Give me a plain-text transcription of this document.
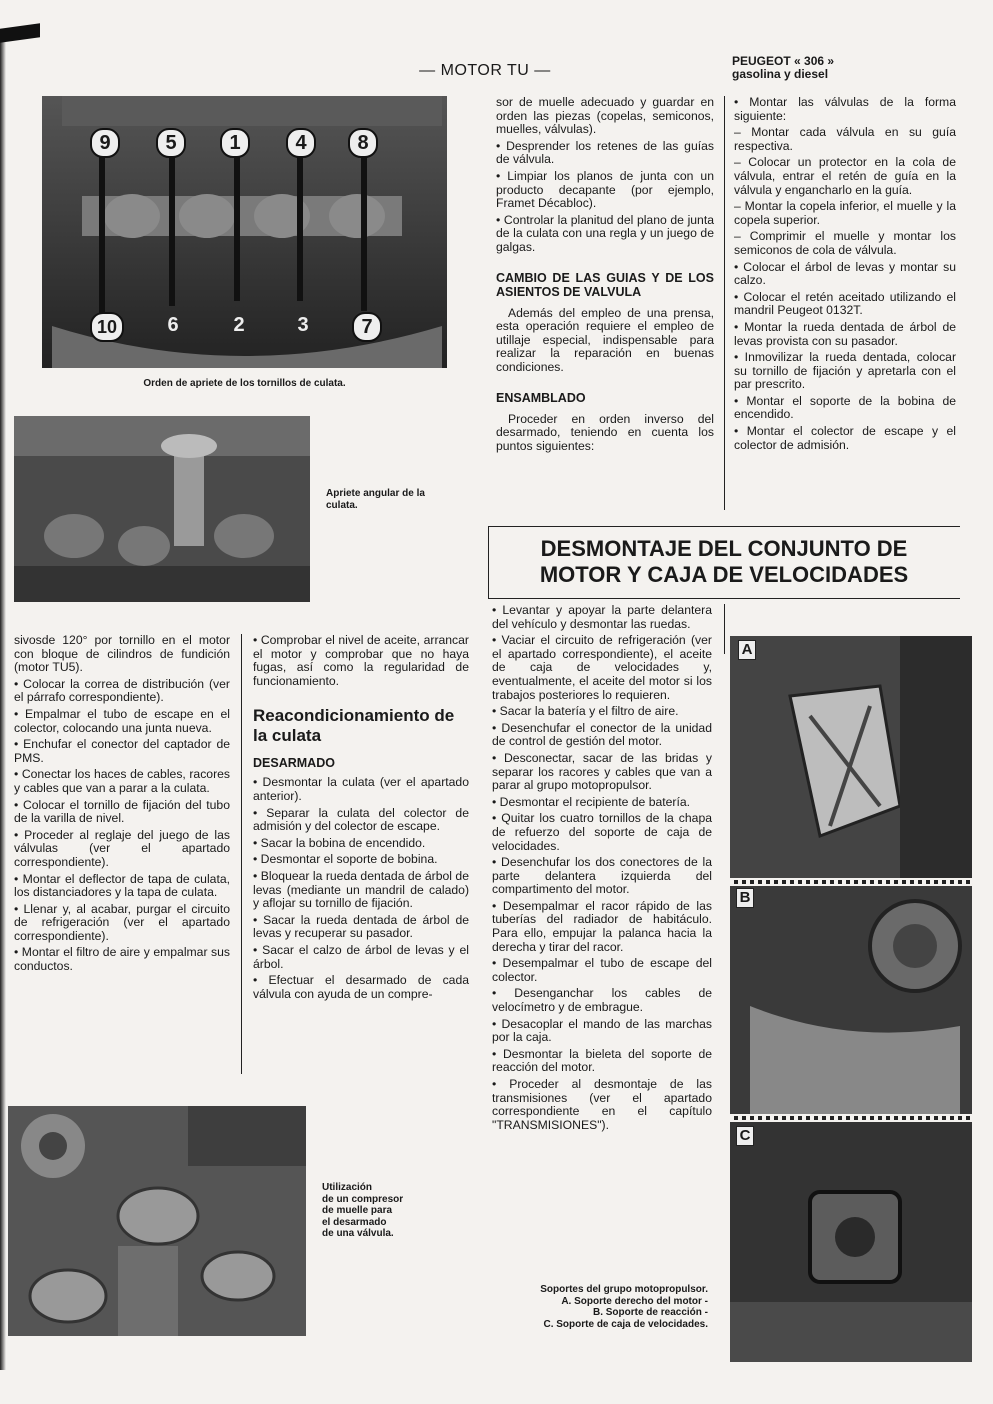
— MOTOR TU —
PEUGEOT « 306 »
gasolina y diesel
9	5	1	4	8
10	6	2	3	7
Orden de apriete de los tornillos de culata.
Apriete angular de la
culata.

sor de muelle adecuado y guardar en orden las piezas (copelas, semiconos, muelles, válvulas).

• Desprender los retenes de las guías de válvula.

• Limpiar los planos de junta con un producto decapante (por ejemplo, Framet Décabloc).

• Controlar la planitud del plano de junta de la culata con una regla y un juego de galgas.

CAMBIO DE LAS GUIAS Y DE LOS ASIENTOS DE VALVULA

Además del empleo de una prensa, esta operación requiere el empleo de utillaje especial, indispensable para realizar la reparación en buenas condiciones.

ENSAMBLADO

Proceder en orden inverso del desarmado, teniendo en cuenta los puntos siguientes:

• Montar las válvulas de la forma siguiente:

– Montar cada válvula en su guía respectiva.

– Colocar un protector en la cola de válvula, entrar el retén de guía en la válvula y engancharlo en la guía.

– Montar la copela inferior, el muelle y la copela superior.

– Comprimir el muelle y montar los semiconos de cola de válvula.

• Colocar el árbol de levas y montar su calzo.

• Colocar el retén aceitado utilizando el mandril Peugeot 0132T.

• Montar la rueda dentada de árbol de levas provista con su pasador.

• Inmovilizar la rueda dentada, colocar su tornillo de fijación y apretarla con el par prescrito.

• Montar el soporte de la bobina de encendido.

• Montar el colector de escape y el colector de admisión.

DESMONTAJE DEL CONJUNTO DE
MOTOR Y CAJA DE VELOCIDADES

sivosde 120° por tornillo en el motor con bloque de cilindros de fundición (motor TU5).

• Colocar la correa de distribución (ver el párrafo correspondiente).

• Empalmar el tubo de escape en el colector, colocando una junta nueva.

• Enchufar el conector del captador de PMS.

• Conectar los haces de cables, racores y cables que van a parar a la culata.

• Colocar el tornillo de fijación del tubo de la varilla de nivel.

• Proceder al reglaje del juego de las válvulas (ver el apartado correspondiente).

• Montar el deflector de tapa de culata, los distanciadores y la tapa de culata.

• Llenar y, al acabar, purgar el circuito de refrigeración (ver el apartado correspondiente).

• Montar el filtro de aire y empalmar sus conductos.

• Comprobar el nivel de aceite, arrancar el motor y comprobar que no haya fugas, así como la regularidad de funcionamiento.

Reacondicionamiento de la culata
DESARMADO

• Desmontar la culata (ver el apartado anterior).

• Separar la culata del colector de admisión y del colector de escape.

• Sacar la bobina de encendido.

• Desmontar el soporte de bobina.

• Bloquear la rueda dentada de árbol de levas (mediante un mandril de calado) y aflojar su tornillo de fijación.

• Sacar la rueda dentada de árbol de levas y recuperar su pasador.

• Sacar el calzo de árbol de levas y el árbol.

• Efectuar el desarmado de cada válvula con ayuda de un compre-

Utilización
de un compresor
de muelle para
el desarmado
de una válvula.

• Levantar y apoyar la parte delantera del vehículo y desmontar las ruedas.

• Vaciar el circuito de refrigeración (ver el apartado correspondiente), el aceite de caja de velocidades y, eventualmente, el aceite del motor si los trabajos posteriores lo requieren.

• Sacar la batería y el filtro de aire.

• Desenchufar el conector de la unidad de control de gestión del motor.

• Desconectar, sacar de las bridas y separar los racores y cables que van a parar al grupo motopropulsor.

• Desmontar el recipiente de batería.

• Quitar los cuatro tornillos de la chapa de refuerzo del soporte de caja de velocidades.

• Desenchufar los dos conectores de la parte delantera izquierda del compartimento del motor.

• Desempalmar el racor rápido de las tuberías del radiador de habitáculo. Para ello, empujar la palanca hacia la derecha y tirar del racor.

• Desempalmar el tubo de escape del colector.

• Desenganchar los cables de velocímetro y de embrague.

• Desacoplar el mando de las marchas por la caja.

• Desmontar la bieleta del soporte de reacción del motor.

• Proceder al desmontaje de las transmisiones (ver el apartado correspondiente en el capítulo "TRANSMISIONES").

A
B
C
Soportes del grupo motopropulsor.
A. Soporte derecho del motor -
B. Soporte de reacción -
C. Soporte de caja de velocidades.
